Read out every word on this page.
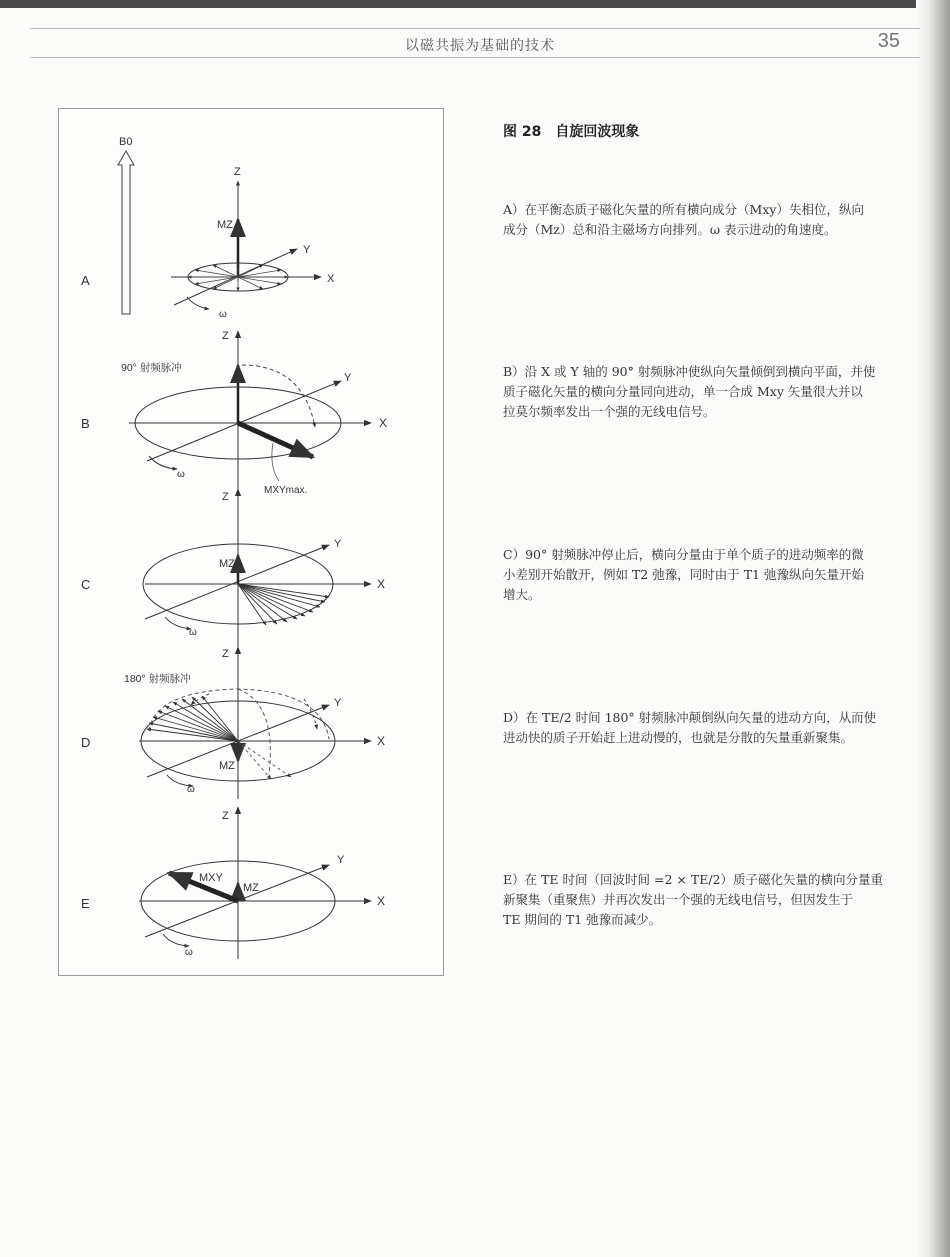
以磁共振为基础的技术	35
A
B0
Z
MZ
X
Y
ω
B
90° 射频脉冲
Z
X
Y
MXYmax.
ω
C
Z
MZ
X
Y
ω
D
180° 射频脉冲
Z
MZ
X
Y
ω
E
Z
MZ
X
Y
MXY
ω
图 28　自旋回波现象
A）在平衡态质子磁化矢量的所有横向成分（Mxy）失相位，纵向
成分（Mz）总和沿主磁场方向排列。ω 表示进动的角速度。
B）沿 X 或 Y 轴的 90° 射频脉冲使纵向矢量倾倒到横向平面，并使
质子磁化矢量的横向分量同向进动，单一合成 Mxy 矢量很大并以
拉莫尔频率发出一个强的无线电信号。
C）90° 射频脉冲停止后，横向分量由于单个质子的进动频率的微
小差别开始散开，例如 T2 弛豫，同时由于 T1 弛豫纵向矢量开始
增大。
D）在 TE/2 时间 180° 射频脉冲颠倒纵向矢量的进动方向，从而使
进动快的质子开始赶上进动慢的，也就是分散的矢量重新聚集。
E）在 TE 时间（回波时间 =2 × TE/2）质子磁化矢量的横向分量重
新聚集（重聚焦）并再次发出一个强的无线电信号，但因发生于
TE 期间的 T1 弛豫而减少。
